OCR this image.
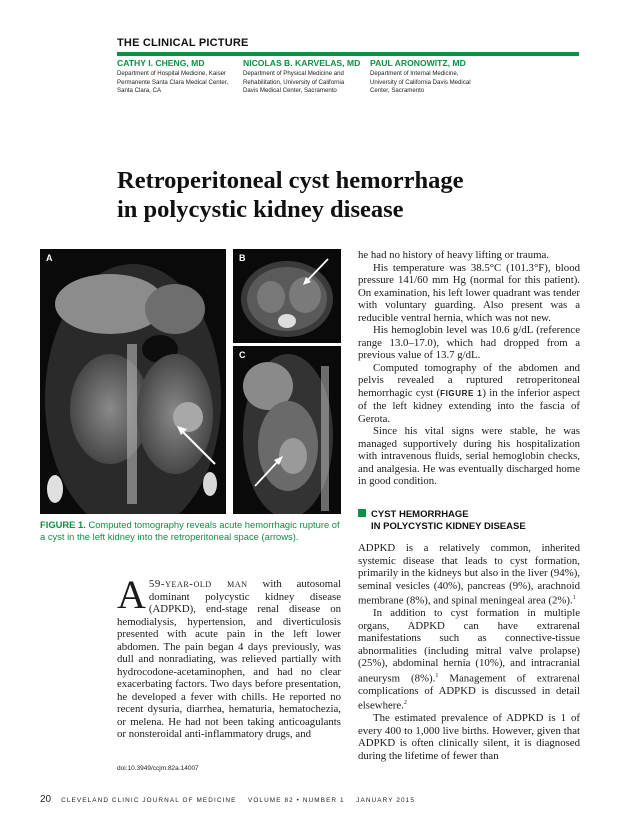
THE CLINICAL PICTURE
CATHY I. CHENG, MD
Department of Hospital Medicine, Kaiser
Permanente Santa Clara Medical Center,
Santa Clara, CA
NICOLAS B. KARVELAS, MD
Department of Physical Medicine and
Rehabilitation, University of California
Davis Medical Center, Sacramento
PAUL ARONOWITZ, MD
Department of Internal Medicine,
University of California Davis Medical
Center, Sacramento
Retroperitoneal cyst hemorrhage
in polycystic kidney disease
A	B
C
FIGURE 1. Computed tomography reveals acute hemorrhagic rupture of a cyst in the left kidney into the retroperitoneal space (arrows).

A 59-year-old man with autosomal dominant polycystic kidney disease (ADPKD), end-stage renal disease on hemodialysis, hypertension, and diverticulosis presented with acute pain in the left lower abdomen. The pain began 4 days previously, was dull and nonradiating, was relieved partially with hydrocodone-acetaminophen, and had no clear exacerbating factors. Two days before presentation, he developed a fever with chills. He reported no recent dysuria, diarrhea, hematuria, hematochezia, or melena. He had not been taking anticoagulants or nonsteroidal anti-inflammatory drugs, and

he had no history of heavy lifting or trauma.

His temperature was 38.5°C (101.3°F), blood pressure 141/60 mm Hg (normal for this patient). On examination, his left lower quadrant was tender with voluntary guarding. Also present was a reducible ventral hernia, which was not new.

His hemoglobin level was 10.6 g/dL (reference range 13.0–17.0), which had dropped from a previous value of 13.7 g/dL.

Computed tomography of the abdomen and pelvis revealed a ruptured retroperitoneal hemorrhagic cyst (FIGURE 1) in the inferior aspect of the left kidney extending into the fascia of Gerota.

Since his vital signs were stable, he was managed supportively during his hospitalization with intravenous fluids, serial hemoglobin checks, and analgesia. He was eventually discharged home in good condition.

CYST HEMORRHAGE
IN POLYCYSTIC KIDNEY DISEASE

ADPKD is a relatively common, inherited systemic disease that leads to cyst formation, primarily in the kidneys but also in the liver (94%), seminal vesicles (40%), pancreas (9%), arachnoid membrane (8%), and spinal meningeal area (2%).$^1$

In addition to cyst formation in multiple organs, ADPKD can have extrarenal manifestations such as connective-tissue abnormalities (including mitral valve prolapse) (25%), abdominal hernia (10%), and intracranial aneurysm (8%).$^1$ Management of extrarenal complications of ADPKD is discussed in detail elsewhere.$^2$

The estimated prevalence of ADPKD is 1 of every 400 to 1,000 live births. However, given that ADPKD is often clinically silent, it is diagnosed during the lifetime of fewer than

doi:10.3949/ccjm.82a.14007
20 CLEVELAND CLINIC JOURNAL OF MEDICINE    VOLUME 82 • NUMBER 1    JANUARY 2015
